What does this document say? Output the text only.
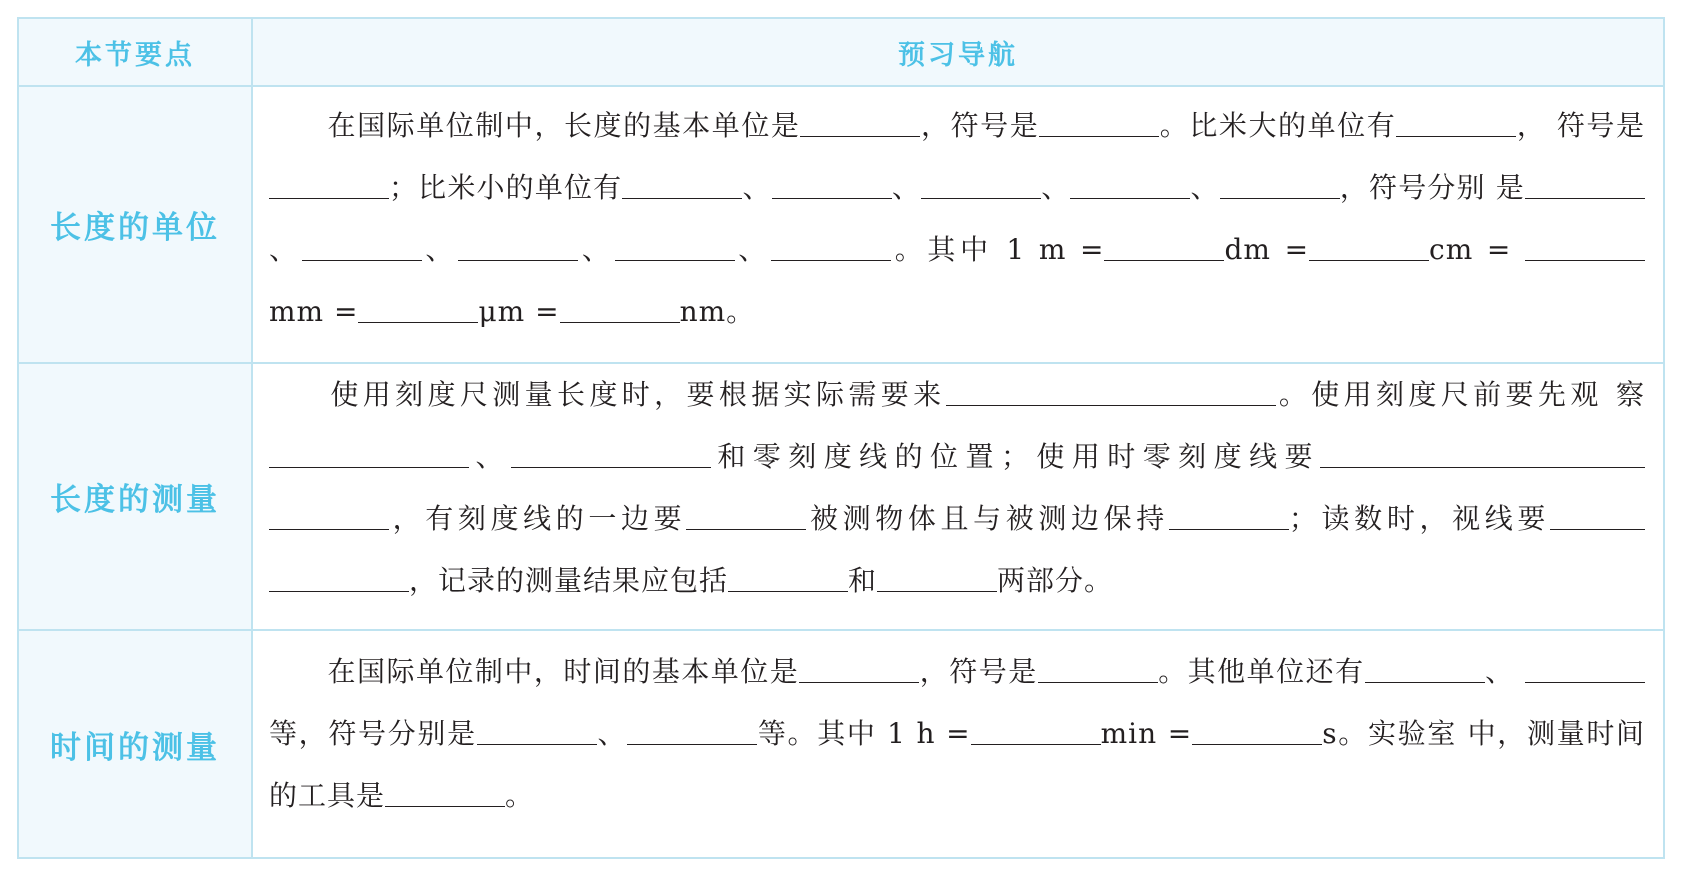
本节要点	预习导航
长度的单位
在国际单位制中，长度的基本单位是	，符号是	。比米大的单位有	， 符号是；比米小的单位有	、	、	、	、	，符号分别 是、	、	、	、	。其中 1 m =	dm =	cm =  mm =	μm =	nm。
长度的测量
使用刻度尺测量长度时，要根据实际需要来	。使用刻度尺前要先观 察、	和零刻度线的位置；使用时零刻度线要 ，有刻度线的一边要	被测物体且与被测边保持	；读数时，视线要 ，记录的测量结果应包括	和	两部分。
时间的测量
在国际单位制中，时间的基本单位是	，符号是	。其他单位还有	、 等，符号分别是	、	等。其中 1 h =	min =	s。实验室 中，测量时间的工具是	。
